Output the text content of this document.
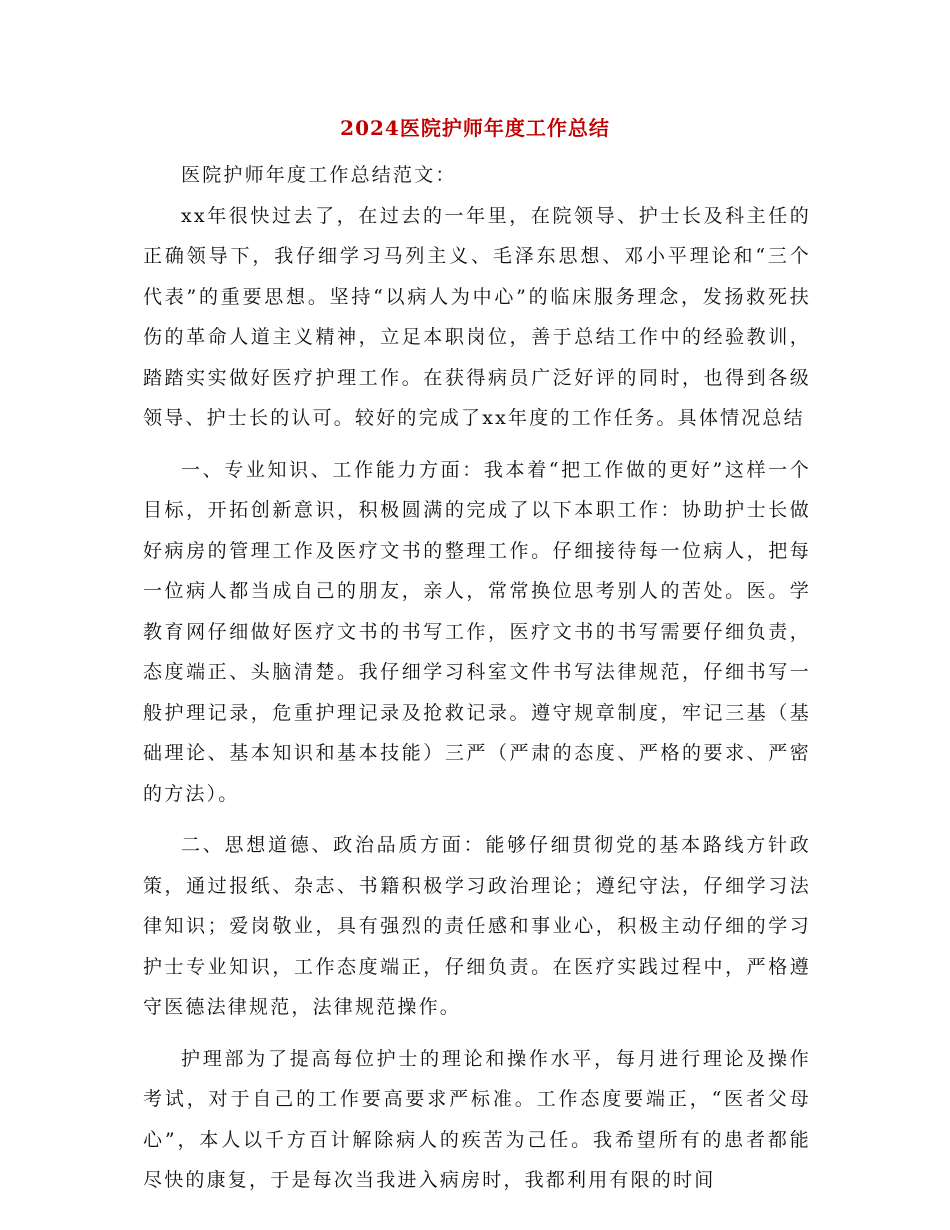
2024医院护师年度工作总结

医院护师年度工作总结范文：

xx年很快过去了，在过去的一年里，在院领导、护士长及科主任的正确领导下，我仔细学习马列主义、毛泽东思想、邓小平理论和“三个代表”的重要思想。坚持“以病人为中心”的临床服务理念，发扬救死扶伤的革命人道主义精神，立足本职岗位，善于总结工作中的经验教训，踏踏实实做好医疗护理工作。在获得病员广泛好评的同时，也得到各级领导、护士长的认可。较好的完成了xx年度的工作任务。具体情况总结

一、专业知识、工作能力方面：我本着“把工作做的更好”这样一个目标，开拓创新意识，积极圆满的完成了以下本职工作：协助护士长做好病房的管理工作及医疗文书的整理工作。仔细接待每一位病人，把每一位病人都当成自己的朋友，亲人，常常换位思考别人的苦处。医。学教育网仔细做好医疗文书的书写工作，医疗文书的书写需要仔细负责，态度端正、头脑清楚。我仔细学习科室文件书写法律规范，仔细书写一般护理记录，危重护理记录及抢救记录。遵守规章制度，牢记三基（基础理论、基本知识和基本技能）三严（严肃的态度、严格的要求、严密的方法）。

二、思想道德、政治品质方面：能够仔细贯彻党的基本路线方针政策，通过报纸、杂志、书籍积极学习政治理论；遵纪守法，仔细学习法律知识；爱岗敬业，具有强烈的责任感和事业心，积极主动仔细的学习护士专业知识，工作态度端正，仔细负责。在医疗实践过程中，严格遵守医德法律规范，法律规范操作。

护理部为了提高每位护士的理论和操作水平，每月进行理论及操作考试，对于自己的工作要高要求严标准。工作态度要端正，“医者父母心”，本人以千方百计解除病人的疾苦为己任。我希望所有的患者都能尽快的康复，于是每次当我进入病房时，我都利用有限的时间
